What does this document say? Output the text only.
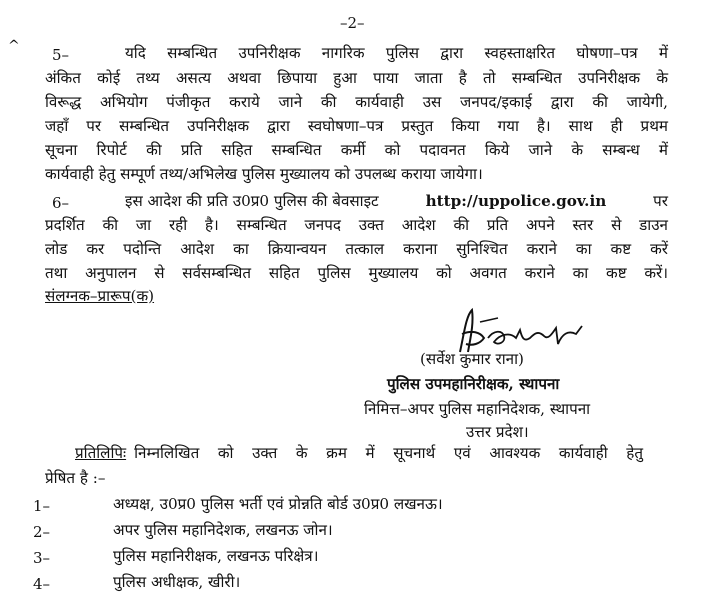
–2–
^ 5–	यदि सम्बन्धित उपनिरीक्षक नागरिक पुलिस द्वारा स्वहस्ताक्षरित घोषणा–पत्र में
अंकित कोई तथ्य असत्य अथवा छिपाया हुआ पाया जाता है तो सम्बन्धित उपनिरीक्षक के
विरूद्ध अभियोग पंजीकृत कराये जाने की कार्यवाही उस जनपद/इकाई द्वारा की जायेगी,
जहाँ पर सम्बन्धित उपनिरीक्षक द्वारा स्वघोषणा–पत्र प्रस्तुत किया गया है। साथ ही प्रथम
सूचना रिपोर्ट की प्रति सहित सम्बन्धित कर्मी को पदावनत किये जाने के सम्बन्ध में
कार्यवाही हेतु सम्पूर्ण तथ्य/अभिलेख पुलिस मुख्यालय को उपलब्ध कराया जायेगा।
6–	इस आदेश की प्रति उ0प्र0 पुलिस की बेवसाइट	http://uppolice.gov.in	पर
प्रदर्शित की जा रही है। सम्बन्धित जनपद उक्त आदेश की प्रति अपने स्तर से डाउन
लोड कर पदोन्ति आदेश का क्रियान्वयन तत्काल कराना सुनिश्चित कराने का कष्ट करें
तथा अनुपालन से सर्वसम्बन्धित सहित पुलिस मुख्यालय को अवगत कराने का कष्ट करें।
संलग्नक–प्रारूप(क)
(सर्वेश कुमार राना)
पुलिस उपमहानिरीक्षक, स्थापना
निमित्त–अपर पुलिस महानिदेशक, स्थापना
उत्तर प्रदेश।
प्रतिलिपिः निम्नलिखित को उक्त के क्रम में सूचनार्थ एवं आवश्यक कार्यवाही हेतु
प्रेषित है :–
1–	अध्यक्ष, उ0प्र0 पुलिस भर्ती एवं प्रोन्नति बोर्ड उ0प्र0 लखनऊ।
2–	अपर पुलिस महानिदेशक, लखनऊ जोन।
3–	पुलिस महानिरीक्षक, लखनऊ परिक्षेत्र।
4–	पुलिस अधीक्षक, खीरी।
